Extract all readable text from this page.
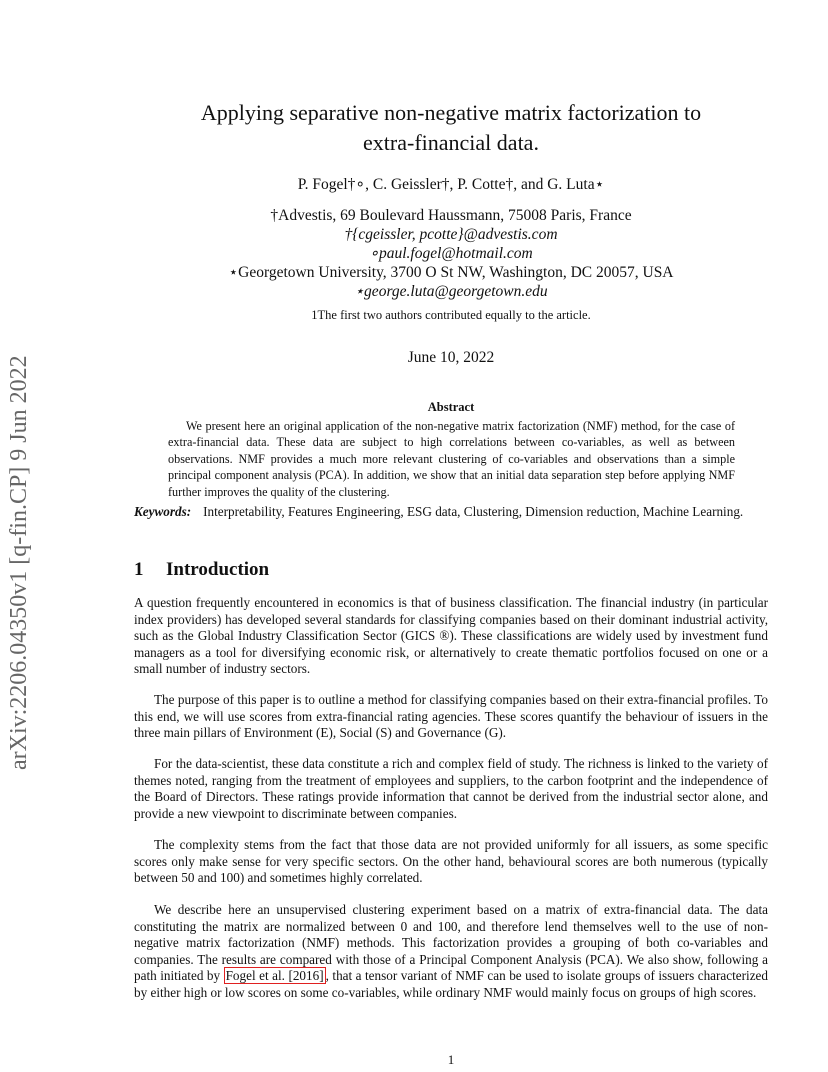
arXiv:2206.04350v1 [q-fin.CP] 9 Jun 2022
Applying separative non-negative matrix factorization to
extra-financial data.
P. Fogel†∘, C. Geissler†, P. Cotte†, and G. Luta⋆
†Advestis, 69 Boulevard Haussmann, 75008 Paris, France
†{cgeissler, pcotte}@advestis.com
∘paul.fogel@hotmail.com
⋆Georgetown University, 3700 O St NW, Washington, DC 20057, USA
⋆george.luta@georgetown.edu
1The first two authors contributed equally to the article.
June 10, 2022
Abstract
We present here an original application of the non-negative matrix factorization (NMF) method, for the case of extra-financial data. These data are subject to high correlations between co-variables, as well as between observations. NMF provides a much more relevant clustering of co-variables and observations than a simple principal component analysis (PCA). In addition, we show that an initial data separation step before applying NMF further improves the quality of the clustering.
Keywords: Interpretability, Features Engineering, ESG data, Clustering, Dimension reduction, Machine Learning.
1 Introduction
A question frequently encountered in economics is that of business classification. The financial industry (in particular index providers) has developed several standards for classifying companies based on their dominant industrial activity, such as the Global Industry Classification Sector (GICS ®). These classifications are widely used by investment fund managers as a tool for diversifying economic risk, or alternatively to create thematic portfolios focused on one or a small number of industry sectors.
The purpose of this paper is to outline a method for classifying companies based on their extra-financial profiles. To this end, we will use scores from extra-financial rating agencies. These scores quantify the behaviour of issuers in the three main pillars of Environment (E), Social (S) and Governance (G).
For the data-scientist, these data constitute a rich and complex field of study. The richness is linked to the variety of themes noted, ranging from the treatment of employees and suppliers, to the carbon footprint and the independence of the Board of Directors. These ratings provide information that cannot be derived from the industrial sector alone, and provide a new viewpoint to discriminate between companies.
The complexity stems from the fact that those data are not provided uniformly for all issuers, as some specific scores only make sense for very specific sectors. On the other hand, behavioural scores are both numerous (typically between 50 and 100) and sometimes highly correlated.
We describe here an unsupervised clustering experiment based on a matrix of extra-financial data. The data constituting the matrix are normalized between 0 and 100, and therefore lend themselves well to the use of non-negative matrix factorization (NMF) methods. This factorization provides a grouping of both co-variables and companies. The results are compared with those of a Principal Component Analysis (PCA). We also show, following a path initiated by Fogel et al. [2016] , that a tensor variant of NMF can be used to isolate groups of issuers characterized by either high or low scores on some co-variables, while ordinary NMF would mainly focus on groups of high scores.
1
